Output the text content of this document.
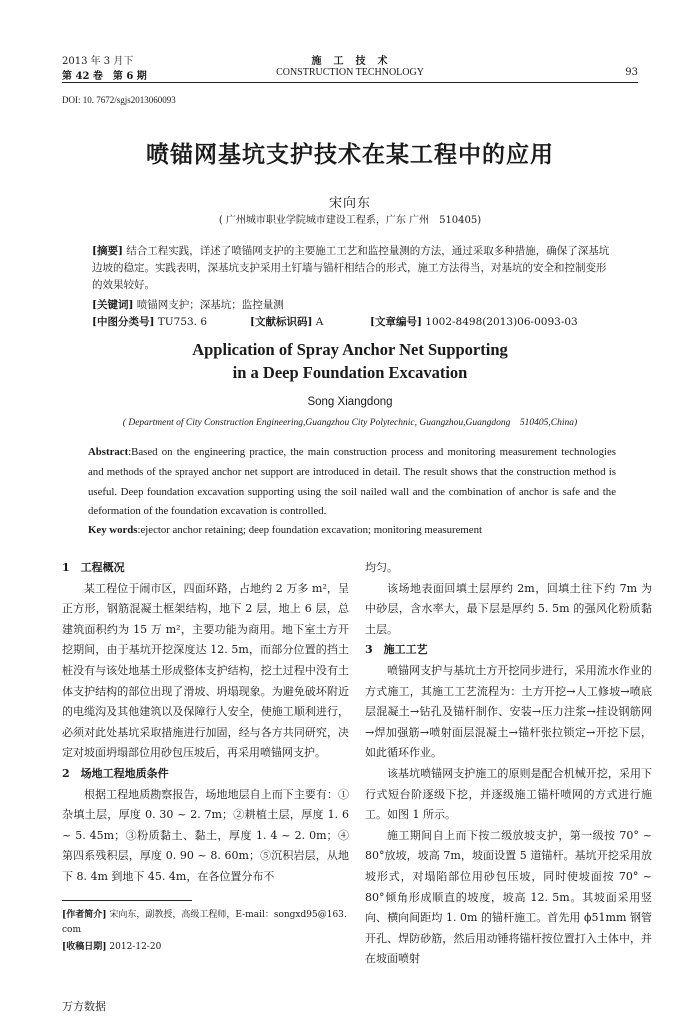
2013 年 3 月下
第 42 卷　第 6 期
施　工　技　术
CONSTRUCTION TECHNOLOGY	93
DOI: 10. 7672/sgjs2013060093
喷锚网基坑支护技术在某工程中的应用
宋向东
( 广州城市职业学院城市建设工程系，广东 广州　510405)
[摘要] 结合工程实践，详述了喷锚网支护的主要施工工艺和监控量测的方法，通过采取多种措施，确保了深基坑边坡的稳定。实践表明，深基坑支护采用土钉墙与锚杆相结合的形式，施工方法得当，对基坑的安全和控制变形的效果较好。
[关键词] 喷锚网支护；深基坑；监控量测
[中图分类号] TU753. 6	[文献标识码] A	[文章编号] 1002-8498(2013)06-0093-03
Application of Spray Anchor Net Supporting
in a Deep Foundation Excavation
Song Xiangdong
( Department of City Construction Engineering,Guangzhou City Polytechnic, Guangzhou,Guangdong　510405,China)
Abstract:Based on the engineering practice, the main construction process and monitoring measurement technologies and methods of the sprayed anchor net support are introduced in detail. The result shows that the construction method is useful. Deep foundation excavation supporting using the soil nailed wall and the combination of anchor is safe and the deformation of the foundation excavation is controlled.
Key words:ejector anchor retaining; deep foundation excavation; monitoring measurement
1　工程概况

某工程位于闹市区，四面环路，占地约 2 万多 m²，呈正方形，钢筋混凝土框架结构，地下 2 层，地上 6 层，总建筑面积约为 15 万 m²，主要功能为商用。地下室土方开挖期间，由于基坑开挖深度达 12. 5m，而部分位置的挡土桩没有与该处地基土形成整体支护结构，挖土过程中没有土体支护结构的部位出现了滑坡、坍塌现象。为避免破坏附近的电缆沟及其他建筑以及保障行人安全，使施工顺利进行，必须对此处基坑采取措施进行加固，经与各方共同研究，决定对坡面坍塌部位用砂包压坡后，再采用喷锚网支护。

2　场地工程地质条件

根据工程地质勘察报告，场地地层自上而下主要有：①杂填土层，厚度 0. 30 ~ 2. 7m；②耕植土层，厚度 1. 6 ~ 5. 45m；③粉质黏土、黏土，厚度 1. 4 ~ 2. 0m；④第四系残积层，厚度 0. 90 ~ 8. 60m；⑤沉积岩层，从地下 8. 4m 到地下 45. 4m，在各位置分布不

[作者简介] 宋向东，副教授，高级工程师，E-mail：songxd95@163. com
[收稿日期] 2012-12-20

均匀。

该场地表面回填土层厚约 2m，回填土往下约 7m 为中砂层，含水率大，最下层是厚约 5. 5m 的强风化粉质黏土层。

3　施工工艺

喷锚网支护与基坑土方开挖同步进行，采用流水作业的方式施工，其施工工艺流程为：土方开挖→人工修坡→喷底层混凝土→钻孔及锚杆制作、安装→压力注浆→挂设钢筋网→焊加强筋→喷射面层混凝土→锚杆张拉锁定→开挖下层，如此循环作业。

该基坑喷锚网支护施工的原则是配合机械开挖，采用下行式短台阶逐级下挖，并逐级施工锚杆喷网的方式进行施工。如图 1 所示。

施工期间自上而下按二级放坡支护，第一级按 70° ~ 80°放坡，坡高 7m，坡面设置 5 道锚杆。基坑开挖采用放坡形式，对塌陷部位用砂包压坡，同时使坡面按 70° ~ 80°倾角形成顺直的坡度，坡高 12. 5m。其坡面采用竖向、横向间距均 1. 0m 的锚杆施工。首先用 ϕ51mm 钢管开孔、焊防砂筋，然后用动锤将锚杆按位置打入土体中，并在坡面喷射

万方数据
